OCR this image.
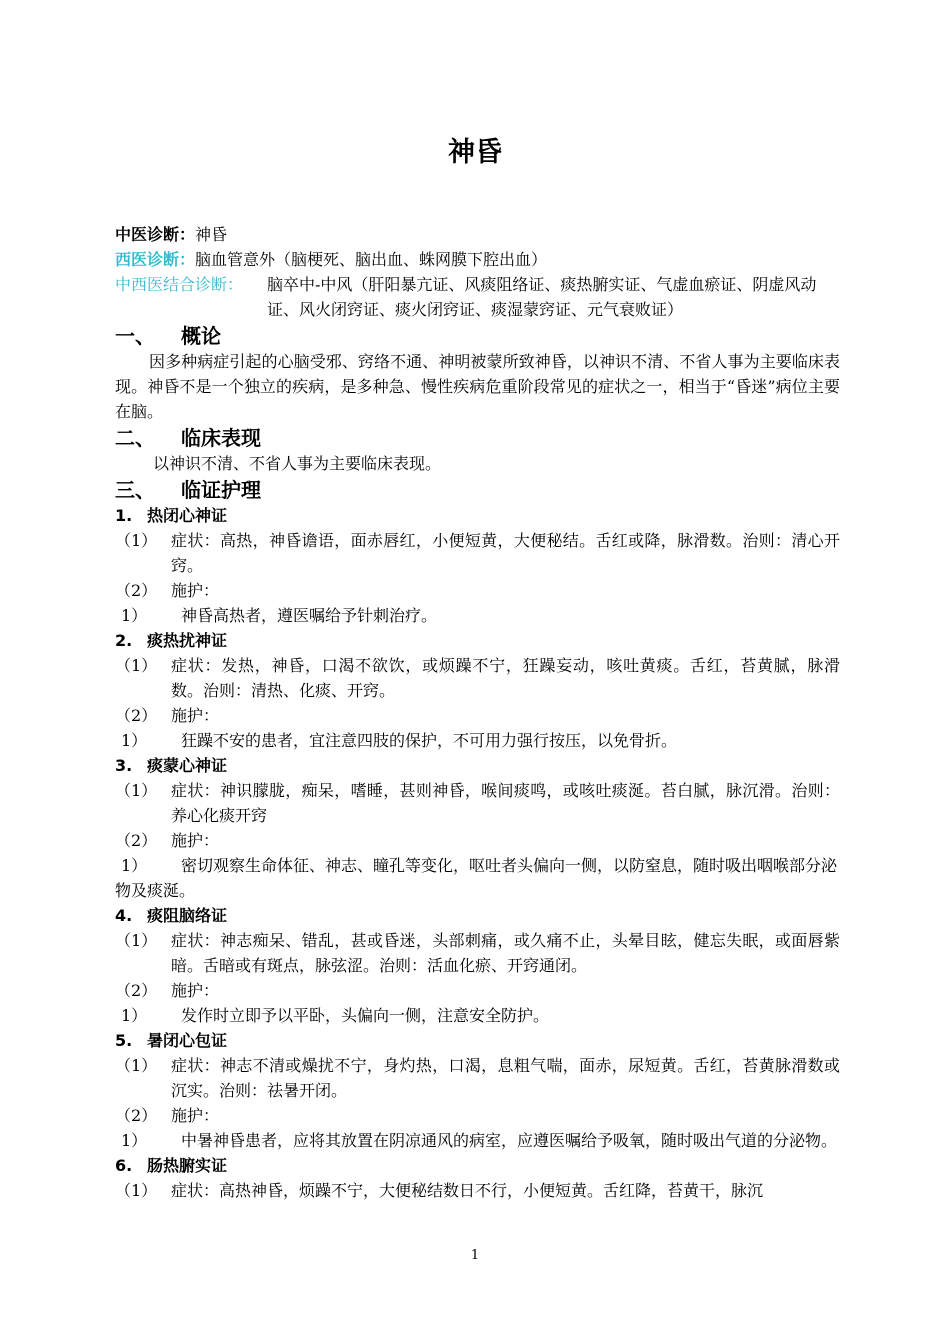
神昏
中医诊断：神昏
西医诊断：脑血管意外（脑梗死、脑出血、蛛网膜下腔出血）
中西医结合诊断： 脑卒中-中风（肝阳暴亢证、风痰阻络证、痰热腑实证、气虚血瘀证、阴虚风动证、风火闭窍证、痰火闭窍证、痰湿蒙窍证、元气衰败证）
一、 概论
因多种病症引起的心脑受邪、窍络不通、神明被蒙所致神昏，以神识不清、不省人事为主要临床表现。神昏不是一个独立的疾病，是多种急、慢性疾病危重阶段常见的症状之一，相当于“昏迷”病位主要在脑。
二、 临床表现
以神识不清、不省人事为主要临床表现。
三、 临证护理
1. 热闭心神证
（1） 症状：高热，神昏谵语，面赤唇红，小便短黄，大便秘结。舌红或降，脉滑数。治则：清心开窍。
（2） 施护：
1） 神昏高热者，遵医嘱给予针刺治疗。
2. 痰热扰神证
（1） 症状：发热，神昏，口渴不欲饮，或烦躁不宁，狂躁妄动，咳吐黄痰。舌红，苔黄腻，脉滑数。治则：清热、化痰、开窍。
（2） 施护：
1） 狂躁不安的患者，宜注意四肢的保护，不可用力强行按压，以免骨折。
3. 痰蒙心神证
（1） 症状：神识朦胧，痴呆，嗜睡，甚则神昏，喉间痰鸣，或咳吐痰涎。苔白腻，脉沉滑。治则：养心化痰开窍
（2） 施护：
1） 密切观察生命体征、神志、瞳孔等变化，呕吐者头偏向一侧，以防窒息，随时吸出咽喉部分泌物及痰涎。
4. 痰阻脑络证
（1） 症状：神志痴呆、错乱，甚或昏迷，头部刺痛，或久痛不止，头晕目眩，健忘失眠，或面唇紫暗。舌暗或有斑点，脉弦涩。治则：活血化瘀、开窍通闭。
（2） 施护：
1） 发作时立即予以平卧，头偏向一侧，注意安全防护。
5. 暑闭心包证
（1） 症状：神志不清或燥扰不宁，身灼热，口渴，息粗气喘，面赤，尿短黄。舌红，苔黄脉滑数或沉实。治则：祛暑开闭。
（2） 施护：
1） 中暑神昏患者，应将其放置在阴凉通风的病室，应遵医嘱给予吸氧，随时吸出气道的分泌物。
6. 肠热腑实证
（1） 症状：高热神昏，烦躁不宁，大便秘结数日不行，小便短黄。舌红降，苔黄干，脉沉
1
